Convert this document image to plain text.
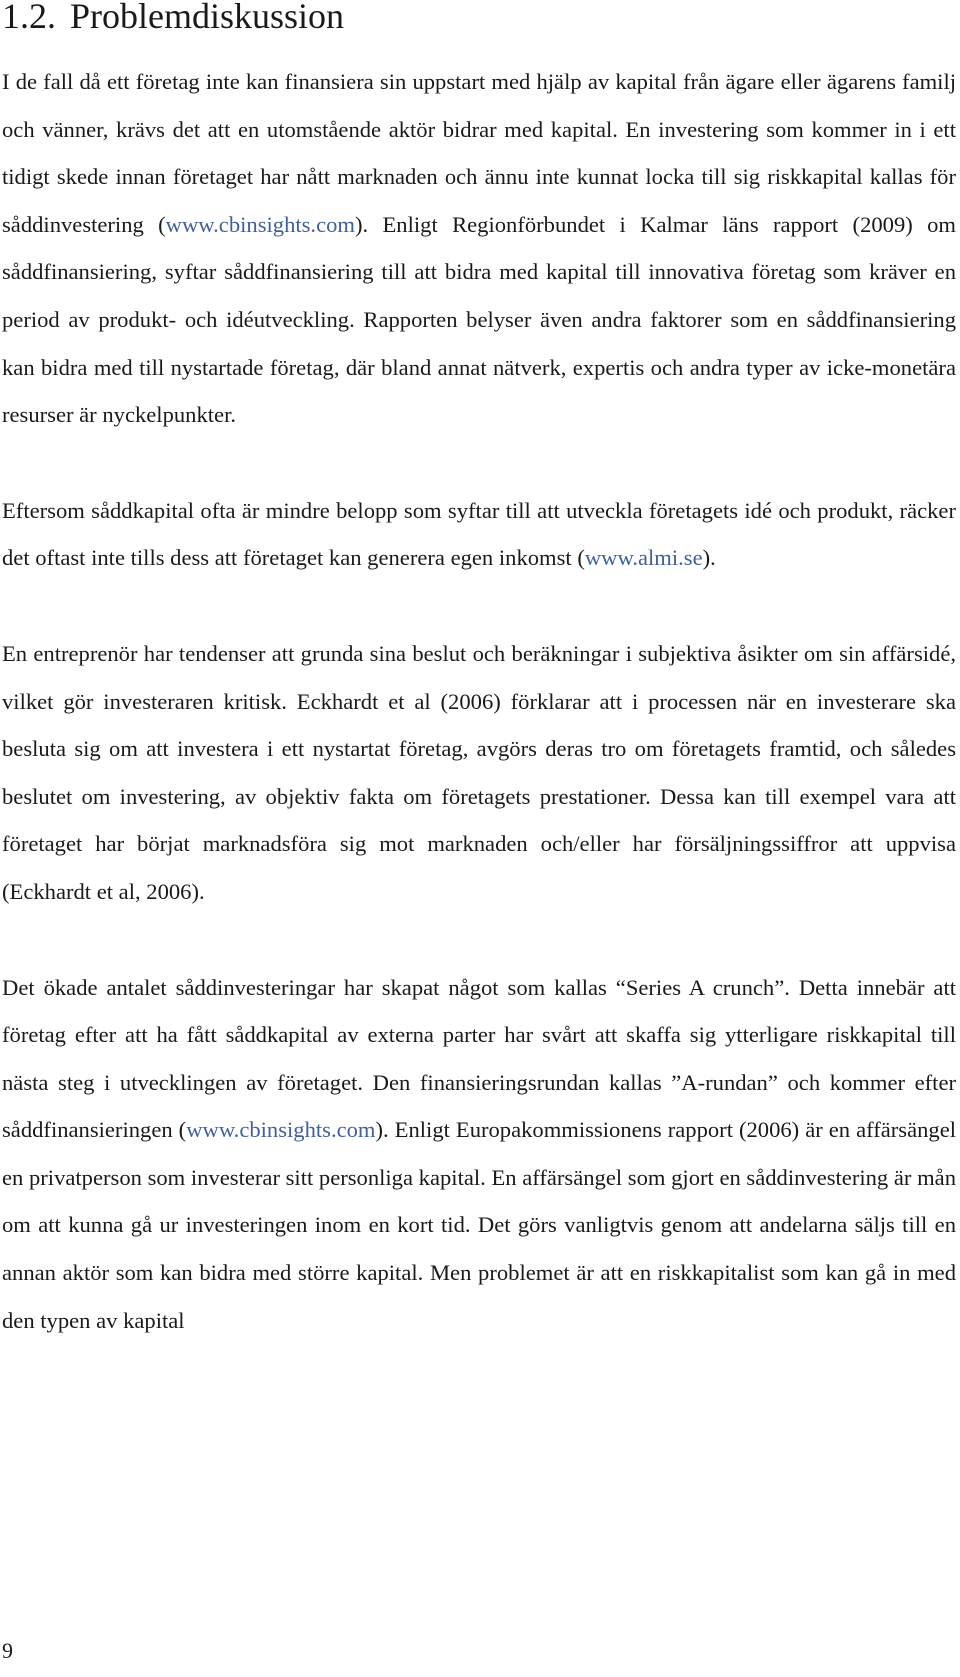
1.2. Problemdiskussion

I de fall då ett företag inte kan finansiera sin uppstart med hjälp av kapital från ägare eller ägarens familj och vänner, krävs det att en utomstående aktör bidrar med kapital. En investering som kommer in i ett tidigt skede innan företaget har nått marknaden och ännu inte kunnat locka till sig riskkapital kallas för såddinvestering (www.cbinsights.com). Enligt Regionförbundet i Kalmar läns rapport (2009) om såddfinansiering, syftar såddfinansiering till att bidra med kapital till innovativa företag som kräver en period av produkt- och idéutveckling. Rapporten belyser även andra faktorer som en såddfinansiering kan bidra med till nystartade företag, där bland annat nätverk, expertis och andra typer av icke-monetära resurser är nyckelpunkter.

Eftersom såddkapital ofta är mindre belopp som syftar till att utveckla företagets idé och produkt, räcker det oftast inte tills dess att företaget kan generera egen inkomst (www.almi.se).

En entreprenör har tendenser att grunda sina beslut och beräkningar i subjektiva åsikter om sin affärsidé, vilket gör investeraren kritisk. Eckhardt et al (2006) förklarar att i processen när en investerare ska besluta sig om att investera i ett nystartat företag, avgörs deras tro om företagets framtid, och således beslutet om investering, av objektiv fakta om företagets prestationer. Dessa kan till exempel vara att företaget har börjat marknadsföra sig mot marknaden och/eller har försäljningssiffror att uppvisa (Eckhardt et al, 2006).

Det ökade antalet såddinvesteringar har skapat något som kallas “Series A crunch”. Detta innebär att företag efter att ha fått såddkapital av externa parter har svårt att skaffa sig ytterligare riskkapital till nästa steg i utvecklingen av företaget. Den finansieringsrundan kallas ”A-rundan” och kommer efter såddfinansieringen (www.cbinsights.com). Enligt Europakommissionens rapport (2006) är en affärsängel en privatperson som investerar sitt personliga kapital. En affärsängel som gjort en såddinvestering är mån om att kunna gå ur investeringen inom en kort tid. Det görs vanligtvis genom att andelarna säljs till en annan aktör som kan bidra med större kapital. Men problemet är att en riskkapitalist som kan gå in med den typen av kapital

9
